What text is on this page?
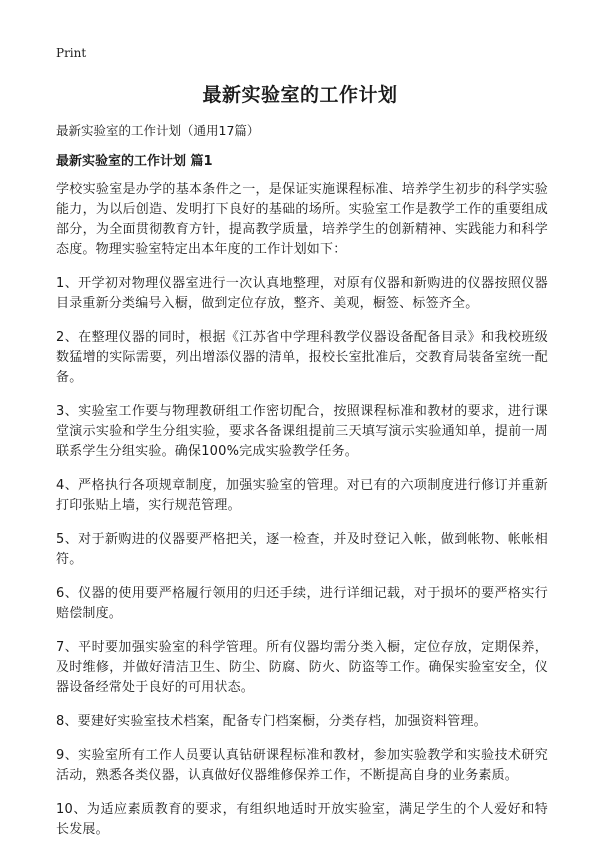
Print
最新实验室的工作计划

最新实验室的工作计划（通用17篇）

最新实验室的工作计划 篇1

学校实验室是办学的基本条件之一，是保证实施课程标准、培养学生初步的科学实验能力，为以后创造、发明打下良好的基础的场所。实验室工作是教学工作的重要组成部分，为全面贯彻教育方针，提高教学质量，培养学生的创新精神、实践能力和科学态度。物理实验室特定出本年度的工作计划如下：

1、开学初对物理仪器室进行一次认真地整理，对原有仪器和新购进的仪器按照仪器目录重新分类编号入橱，做到定位存放，整齐、美观，橱签、标签齐全。

2、在整理仪器的同时，根据《江苏省中学理科教学仪器设备配备目录》和我校班级数猛增的实际需要，列出增添仪器的清单，报校长室批准后，交教育局装备室统一配备。

3、实验室工作要与物理教研组工作密切配合，按照课程标准和教材的要求，进行课堂演示实验和学生分组实验，要求各备课组提前三天填写演示实验通知单，提前一周联系学生分组实验。确保100%完成实验教学任务。

4、严格执行各项规章制度，加强实验室的管理。对已有的六项制度进行修订并重新打印张贴上墙，实行规范管理。

5、对于新购进的仪器要严格把关，逐一检查，并及时登记入帐，做到帐物、帐帐相符。

6、仪器的使用要严格履行领用的归还手续，进行详细记载，对于损坏的要严格实行赔偿制度。

7、平时要加强实验室的科学管理。所有仪器均需分类入橱，定位存放，定期保养，及时维修，并做好清洁卫生、防尘、防腐、防火、防盗等工作。确保实验室安全，仪器设备经常处于良好的可用状态。

8、要建好实验室技术档案，配备专门档案橱，分类存档，加强资料管理。

9、实验室所有工作人员要认真钻研课程标准和教材，参加实验教学和实验技术研究活动，熟悉各类仪器，认真做好仪器维修保养工作，不断提高自身的业务素质。

10、为适应素质教育的要求，有组织地适时开放实验室，满足学生的个人爱好和特长发展。
